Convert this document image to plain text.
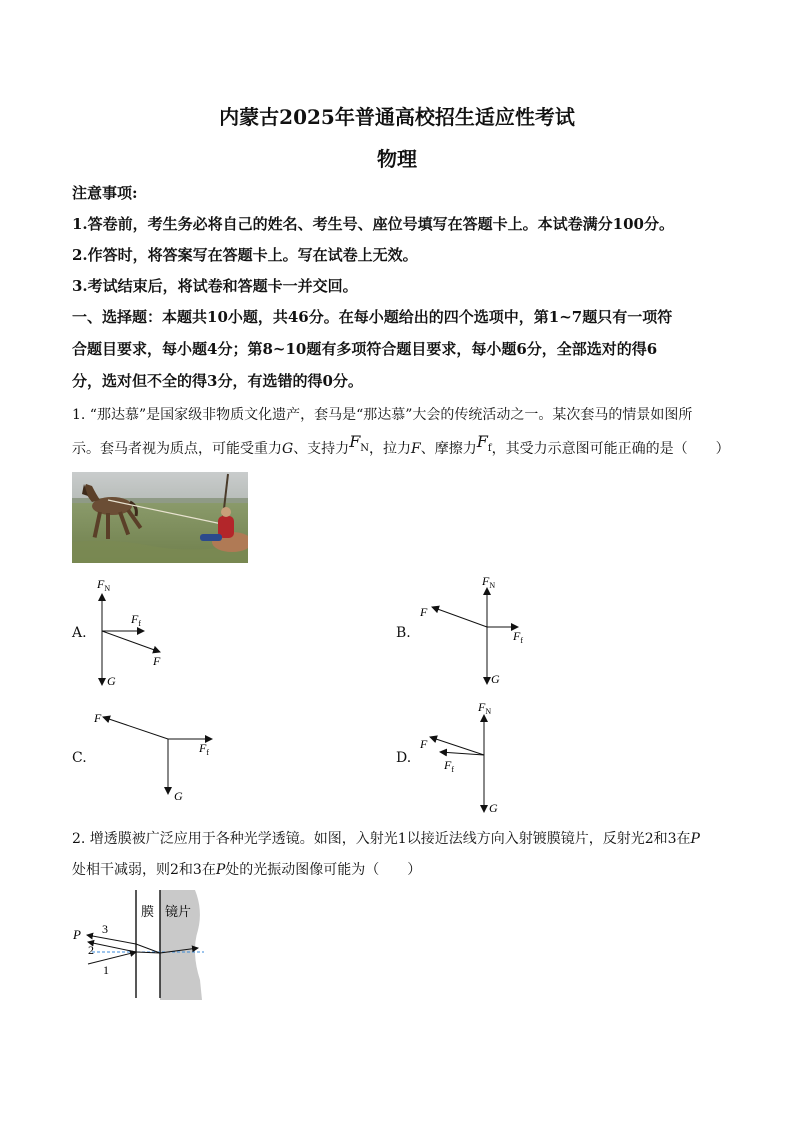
内蒙古2025年普通高校招生适应性考试
物理
注意事项:
1.答卷前，考生务必将自己的姓名、考生号、座位号填写在答题卡上。本试卷满分100分。
2.作答时，将答案写在答题卡上。写在试卷上无效。
3.考试结束后，将试卷和答题卡一并交回。
一、选择题：本题共10小题，共46分。在每小题给出的四个选项中，第1~7题只有一项符
合题目要求，每小题4分；第8~10题有多项符合题目要求，每小题6分，全部选对的得6
分，选对但不全的得3分，有选错的得0分。
1. “那达慕”是国家级非物质文化遗产，套马是“那达慕”大会的传统活动之一。某次套马的情景如图所
示。套马者视为质点，可能受重力G、支持力$F_N$，拉力F、摩擦力$F_f$，其受力示意图可能正确的是（　　）
A.
$F_N$
$F_f$
F
G
B.
$F_N$
F
$F_f$
G
C.
F
$F_f$
G
D.
$F_N$
F
$F_f$
G
2. 增透膜被广泛应用于各种光学透镜。如图，入射光1以接近法线方向入射镀膜镜片，反射光2和3在P
处相干减弱，则2和3在P处的光振动图像可能为（　　）
P 3
2
1
膜 镜片
